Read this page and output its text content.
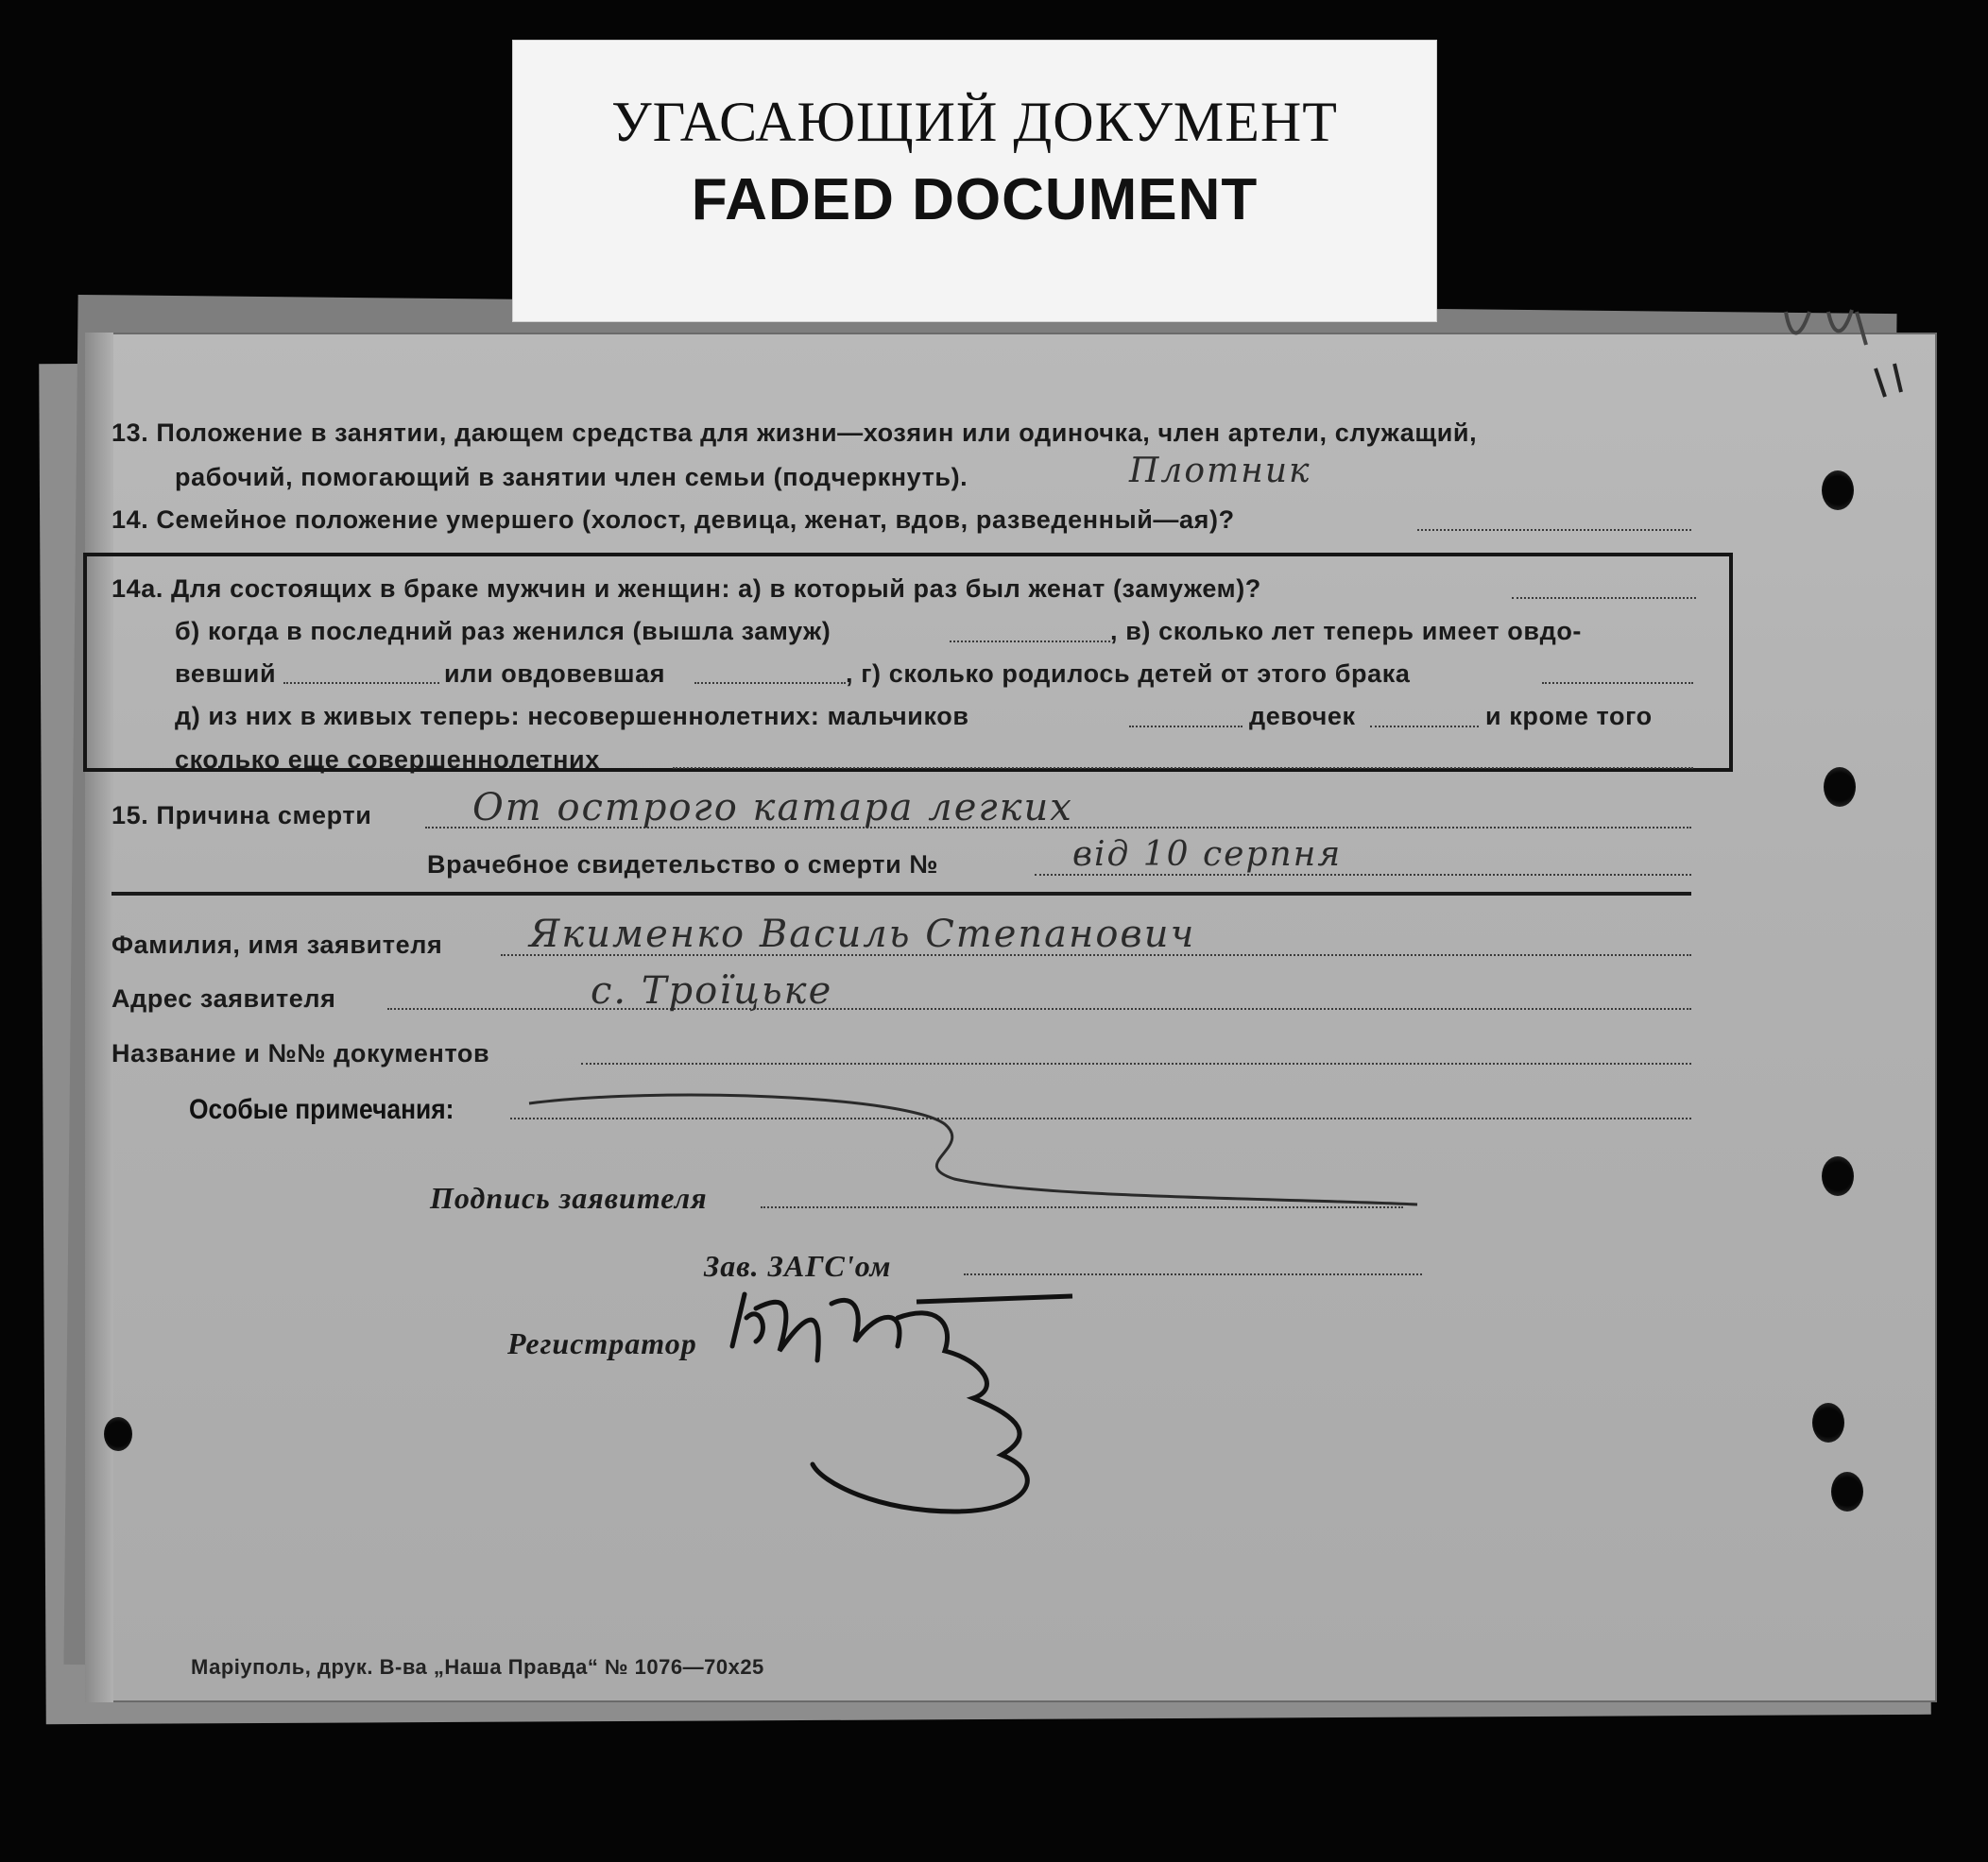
УГАСАЮЩИЙ ДОКУМЕНТ
FADED DOCUMENT
13. Положение в занятии, дающем средства для жизни—хозяин или одиночка, член артели, служащий,
рабочий, помогающий в занятии член семьи (подчеркнуть).	Плотник
14. Семейное положение умершего (холост, девица, женат, вдов, разведенный—ая)?
14а. Для состоящих в браке мужчин и женщин: а) в который раз был женат (замужем)?
б) когда в последний раз женился (вышла замуж)	, в) сколько лет теперь имеет овдо-
вевший	или овдовевшая	, г) сколько родилось детей от этого брака
д) из них в живых теперь: несовершеннолетних: мальчиков	девочек	и кроме того
сколько еще совершеннолетних
15. Причина смерти	От острого катара легких
Врачебное свидетельство о смерти №	від 10 серпня
Фамилия, имя заявителя Якименко Василь Степанович
Адрес заявителя	с. Троїцьке
Название и №№ документов
Особые примечания:
Подпись заявителя
Зав. ЗАГС'ом
Регистратор
Маріуполь, друк. В-ва „Наша Правда“ № 1076—70х25
